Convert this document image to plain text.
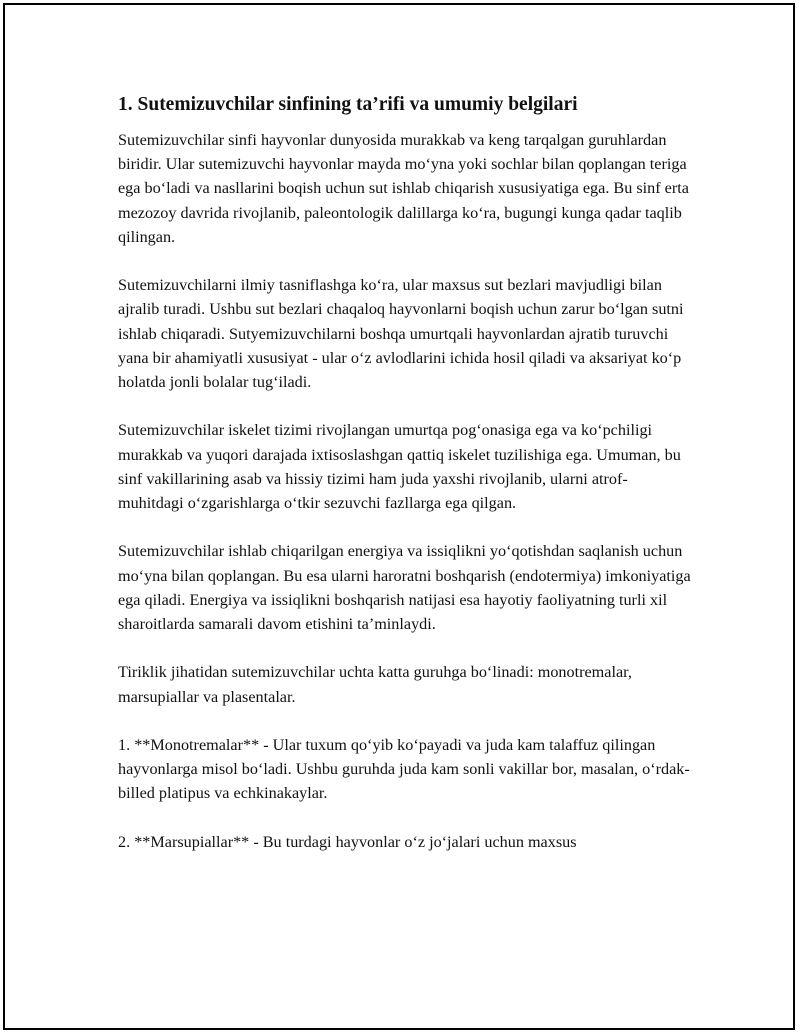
1. Sutemizuvchilar sinfining ta’rifi va umumiy belgilari

Sutemizuvchilar sinfi hayvonlar dunyosida murakkab va keng tarqalgan guruhlardan biridir. Ular sutemizuvchi hayvonlar mayda mo‘yna yoki sochlar bilan qoplangan teriga ega bo‘ladi va nasllarini boqish uchun sut ishlab chiqarish xususiyatiga ega. Bu sinf erta mezozoy davrida rivojlanib, paleontologik dalillarga ko‘ra, bugungi kunga qadar taqlib qilingan.

Sutemizuvchilarni ilmiy tasniflashga ko‘ra, ular maxsus sut bezlari mavjudligi bilan ajralib turadi. Ushbu sut bezlari chaqaloq hayvonlarni boqish uchun zarur bo‘lgan sutni ishlab chiqaradi. Sutyemizuvchilarni boshqa umurtqali hayvonlardan ajratib turuvchi yana bir ahamiyatli xususiyat - ular o‘z avlodlarini ichida hosil qiladi va aksariyat ko‘p holatda jonli bolalar tug‘iladi.

Sutemizuvchilar iskelet tizimi rivojlangan umurtqa pog‘onasiga ega va ko‘pchiligi murakkab va yuqori darajada ixtisoslashgan qattiq iskelet tuzilishiga ega. Umuman, bu sinf vakillarining asab va hissiy tizimi ham juda yaxshi rivojlanib, ularni atrof-muhitdagi o‘zgarishlarga o‘tkir sezuvchi fazllarga ega qilgan.

Sutemizuvchilar ishlab chiqarilgan energiya va issiqlikni yo‘qotishdan saqlanish uchun mo‘yna bilan qoplangan. Bu esa ularni haroratni boshqarish (endotermiya) imkoniyatiga ega qiladi. Energiya va issiqlikni boshqarish natijasi esa hayotiy faoliyatning turli xil sharoitlarda samarali davom etishini ta’minlaydi.

Tiriklik jihatidan sutemizuvchilar uchta katta guruhga bo‘linadi: monotremalar, marsupiallar va plasentalar.

1. **Monotremalar** - Ular tuxum qo‘yib ko‘payadi va juda kam talaffuz qilingan hayvonlarga misol bo‘ladi. Ushbu guruhda juda kam sonli vakillar bor, masalan, o‘rdak-billed platipus va echkinakaylar.

2. **Marsupiallar** - Bu turdagi hayvonlar o‘z jo‘jalari uchun maxsus
